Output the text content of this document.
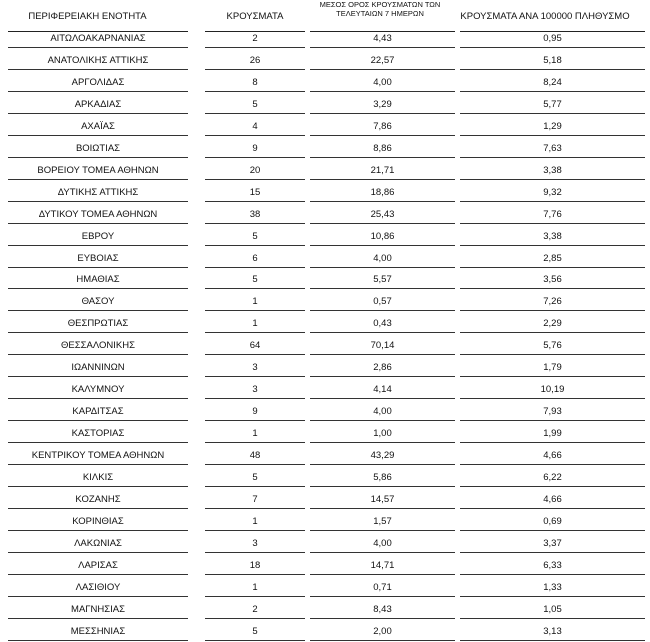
ΠΕΡΙΦΕΡΕΙΑΚΗ ΕΝΟΤΗΤΑ	ΚΡΟΥΣΜΑΤΑ
ΜΕΣΟΣ ΟΡΟΣ ΚΡΟΥΣΜΑΤΩΝ ΤΩΝ
ΤΕΛΕΥΤΑΙΩΝ 7 ΗΜΕΡΩΝ	ΚΡΟΥΣΜΑΤΑ ΑΝΑ 100000 ΠΛΗΘΥΣΜΟ
ΑΙΤΩΛΟΑΚΑΡΝΑΝΙΑΣ	2	4,43	0,95
ΑΝΑΤΟΛΙΚΗΣ ΑΤΤΙΚΗΣ	26	22,57	5,18
ΑΡΓΟΛΙΔΑΣ	8	4,00	8,24
ΑΡΚΑΔΙΑΣ	5	3,29	5,77
ΑΧΑΪΑΣ	4	7,86	1,29
ΒΟΙΩΤΙΑΣ	9	8,86	7,63
ΒΟΡΕΙΟΥ ΤΟΜΕΑ ΑΘΗΝΩΝ	20	21,71	3,38
ΔΥΤΙΚΗΣ ΑΤΤΙΚΗΣ	15	18,86	9,32
ΔΥΤΙΚΟΥ ΤΟΜΕΑ ΑΘΗΝΩΝ	38	25,43	7,76
ΕΒΡΟΥ	5	10,86	3,38
ΕΥΒΟΙΑΣ	6	4,00	2,85
ΗΜΑΘΙΑΣ	5	5,57	3,56
ΘΑΣΟΥ	1	0,57	7,26
ΘΕΣΠΡΩΤΙΑΣ	1	0,43	2,29
ΘΕΣΣΑΛΟΝΙΚΗΣ	64	70,14	5,76
ΙΩΑΝΝΙΝΩΝ	3	2,86	1,79
ΚΑΛΥΜΝΟΥ	3	4,14	10,19
ΚΑΡΔΙΤΣΑΣ	9	4,00	7,93
ΚΑΣΤΟΡΙΑΣ	1	1,00	1,99
ΚΕΝΤΡΙΚΟΥ ΤΟΜΕΑ ΑΘΗΝΩΝ	48	43,29	4,66
ΚΙΛΚΙΣ	5	5,86	6,22
ΚΟΖΑΝΗΣ	7	14,57	4,66
ΚΟΡΙΝΘΙΑΣ	1	1,57	0,69
ΛΑΚΩΝΙΑΣ	3	4,00	3,37
ΛΑΡΙΣΑΣ	18	14,71	6,33
ΛΑΣΙΘΙΟΥ	1	0,71	1,33
ΜΑΓΝΗΣΙΑΣ	2	8,43	1,05
ΜΕΣΣΗΝΙΑΣ	5	2,00	3,13
